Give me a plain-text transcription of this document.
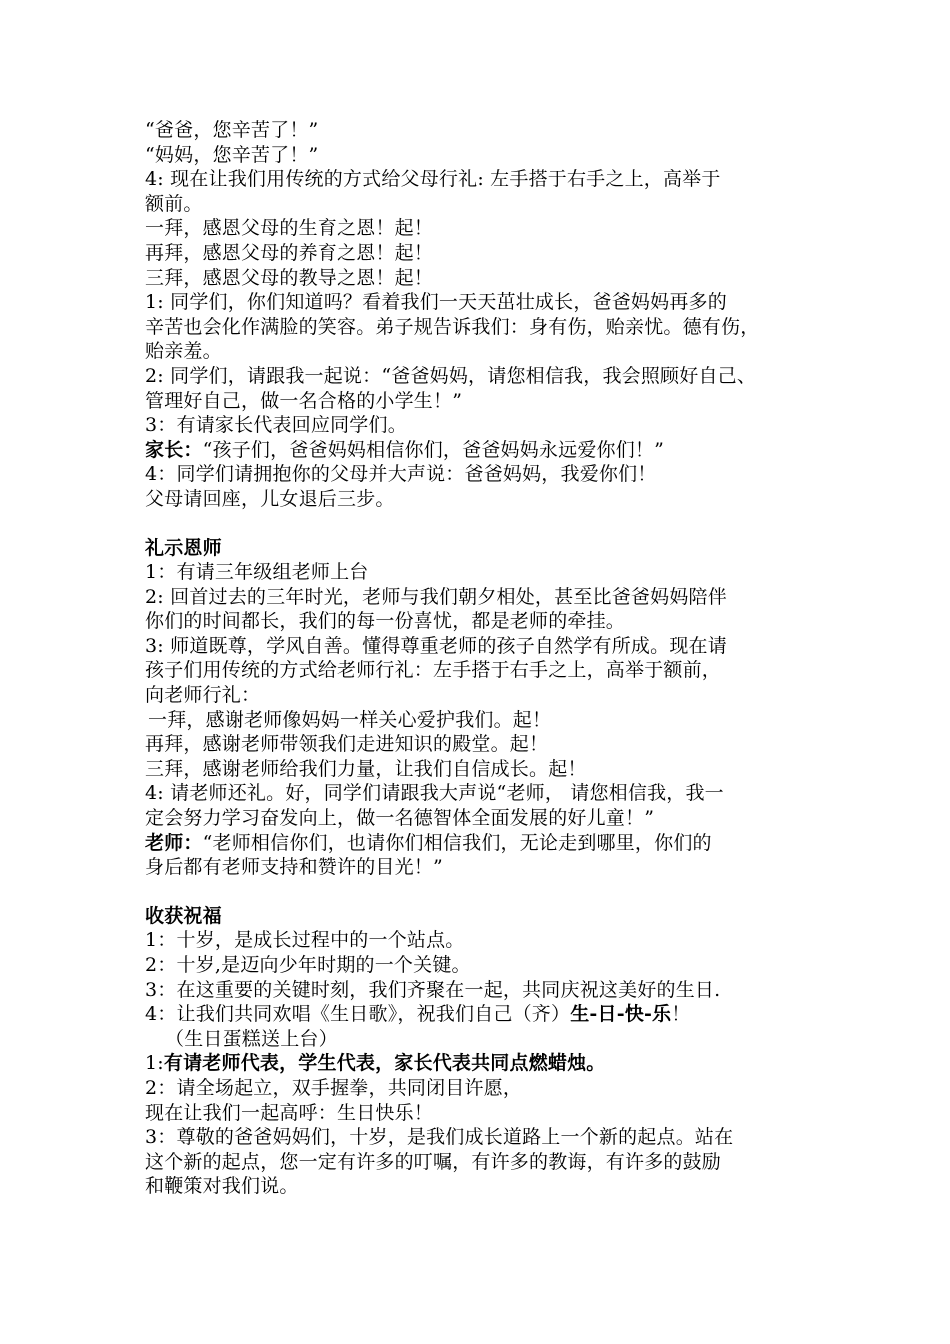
“爸爸，您辛苦了！”
“妈妈，您辛苦了！”
4: 现在让我们用传统的方式给父母行礼: 左手搭于右手之上，高举于
额前。
一拜，感恩父母的生育之恩！起！
再拜，感恩父母的养育之恩！起！
三拜，感恩父母的教导之恩！起！
1: 同学们，你们知道吗？看着我们一天天茁壮成长，爸爸妈妈再多的
辛苦也会化作满脸的笑容。弟子规告诉我们：身有伤，贻亲忧。德有伤，
贻亲羞。
2: 同学们，请跟我一起说：“爸爸妈妈，请您相信我，我会照顾好自己、
管理好自己，做一名合格的小学生！”
3：有请家长代表回应同学们。
家长：“孩子们，爸爸妈妈相信你们，爸爸妈妈永远爱你们！”
4：同学们请拥抱你的父母并大声说：爸爸妈妈，我爱你们！
父母请回座，儿女退后三步。
礼示恩师
1：有请三年级组老师上台
2: 回首过去的三年时光，老师与我们朝夕相处，甚至比爸爸妈妈陪伴
你们的时间都长，我们的每一份喜忧，都是老师的牵挂。
3: 师道既尊，学风自善。懂得尊重老师的孩子自然学有所成。现在请
孩子们用传统的方式给老师行礼：左手搭于右手之上，高举于额前，
向老师行礼：
一拜，感谢老师像妈妈一样关心爱护我们。起！
再拜，感谢老师带领我们走进知识的殿堂。起！
三拜，感谢老师给我们力量，让我们自信成长。起！
4: 请老师还礼。好，同学们请跟我大声说“老师， 请您相信我，我一
定会努力学习奋发向上，做一名德智体全面发展的好儿童！”
老师：“老师相信你们，也请你们相信我们，无论走到哪里，你们的
身后都有老师支持和赞许的目光！”
收获祝福
1：十岁，是成长过程中的一个站点。
2：十岁,是迈向少年时期的一个关键。
3：在这重要的关键时刻，我们齐聚在一起，共同庆祝这美好的生日.
4：让我们共同欢唱《生日歌》，祝我们自己（齐）生-日-快-乐！
（生日蛋糕送上台）
1:有请老师代表，学生代表，家长代表共同点燃蜡烛。
2：请全场起立，双手握拳，共同闭目许愿，
现在让我们一起高呼：生日快乐！
3：尊敬的爸爸妈妈们，十岁，是我们成长道路上一个新的起点。站在
这个新的起点，您一定有许多的叮嘱，有许多的教诲，有许多的鼓励
和鞭策对我们说。
